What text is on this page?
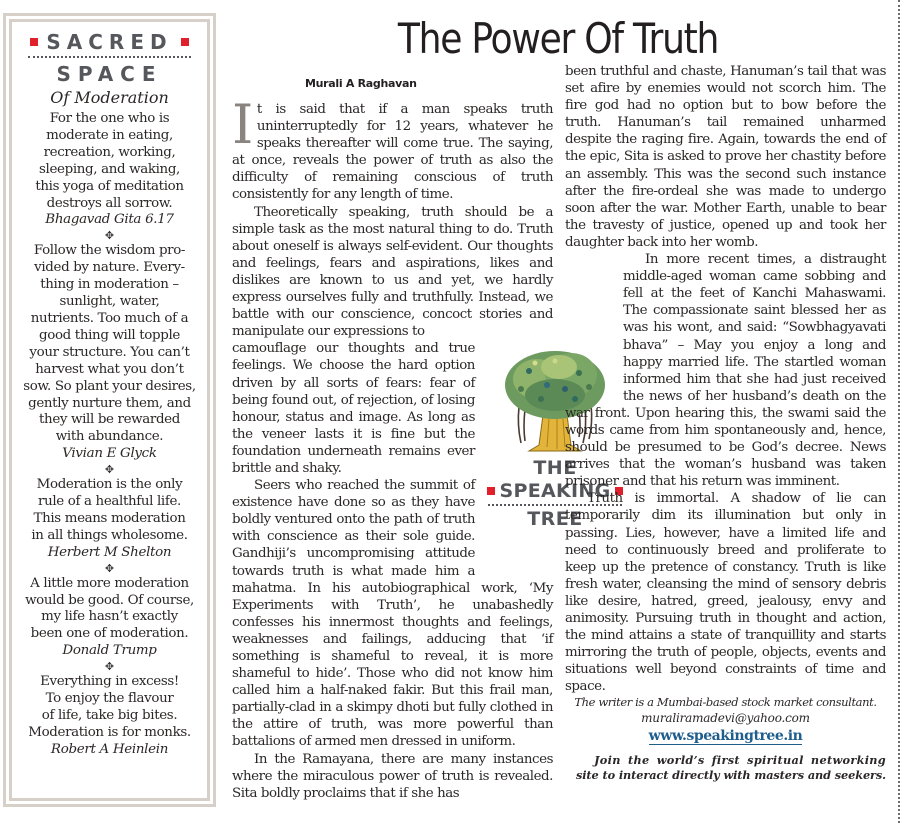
SACRED
SPACE
Of Moderation
For the one who is
moderate in eating,
recreation, working,
sleeping, and waking,
this yoga of meditation
destroys all sorrow.
Bhagavad Gita 6.17
✥
Follow the wisdom pro-
vided by nature. Every-
thing in moderation –
sunlight, water,
nutrients. Too much of a
good thing will topple
your structure. You can’t
harvest what you don’t
sow. So plant your desires,
gently nurture them, and
they will be rewarded
with abundance.
Vivian E Glyck
✥
Moderation is the only
rule of a healthful life.
This means moderation
in all things wholesome.
Herbert M Shelton
✥
A little more moderation
would be good. Of course,
my life hasn’t exactly
been one of moderation.
Donald Trump
✥
Everything in excess!
To enjoy the flavour
of life, take big bites.
Moderation is for monks.
Robert A Heinlein
The Power Of Truth
Murali A Raghavan

It is said that if a man speaks truth uninterruptedly for 12 years, whatever he speaks thereafter will come true. The saying, at once, reveals the power of truth as also the difficulty of remaining conscious of truth consistently for any length of time.

Theoretically speaking, truth should be a simple task as the most natural thing to do. Truth about oneself is always self-evident. Our thoughts and feelings, fears and aspirations, likes and dislikes are known to us and yet, we hardly express ourselves fully and truthfully. Instead, we battle with our conscience, concoct stories and manipulate our expressions to

camouflage our thoughts and true feelings. We choose the hard option driven by all sorts of fears: fear of being found out, of rejection, of losing honour, status and image. As long as the veneer lasts it is fine but the foundation underneath remains ever brittle and shaky.

Seers who reached the summit of existence have done so as they have boldly ventured onto the path of truth with conscience as their sole guide. Gandhiji’s uncompromising attitude towards truth is what made him a mahatma. In his autobiographical work, ‘My Experiments with Truth’, he unabashedly confesses his innermost thoughts and feelings, weaknesses and failings, adducing that ‘if something is shameful to reveal, it is more shameful to hide’. Those who did not know him called him a half-naked fakir. But this frail man, partially-clad in a skimpy dhoti but fully clothed in the attire of truth, was more powerful than battalions of armed men dressed in uniform.

In the Ramayana, there are many instances where the miraculous power of truth is revealed. Sita boldly proclaims that if she has

THE
SPEAKING
TREE

been truthful and chaste, Hanuman’s tail that was set afire by enemies would not scorch him. The fire god had no option but to bow before the truth. Hanuman’s tail remained unharmed despite the raging fire. Again, towards the end of the epic, Sita is asked to prove her chastity before an assembly. This was the second such instance after the fire-ordeal she was made to undergo soon after the war. Mother Earth, unable to bear the travesty of justice, opened up and took her daughter back into her womb.

In more recent times, a distraught middle-aged woman came sobbing and fell at the feet of Kanchi Mahaswami. The compassionate saint blessed her as was his wont, and said: “Sowbhagyavati bhava” – May you enjoy a long and happy married life. The startled woman informed him that she had just received the news of her husband’s death on the war front. Upon hearing this, the swami said the words came from him spontaneously and, hence, should be presumed to be God’s decree. News arrives that the woman’s husband was taken prisoner and that his return was imminent.

Truth is immortal. A shadow of lie can temporarily dim its illumination but only in passing. Lies, however, have a limited life and need to continuously breed and proliferate to keep up the pretence of constancy. Truth is like fresh water, cleansing the mind of sensory debris like desire, hatred, greed, jealousy, envy and animosity. Pursuing truth in thought and action, the mind attains a state of tranquillity and starts mirroring the truth of people, objects, events and situations well beyond constraints of time and space.

The writer is a Mumbai-based stock market consultant.
muraliramadevi@yahoo.com
www.speakingtree.in
Join the world’s first spiritual networking
site to interact directly with masters and seekers.
